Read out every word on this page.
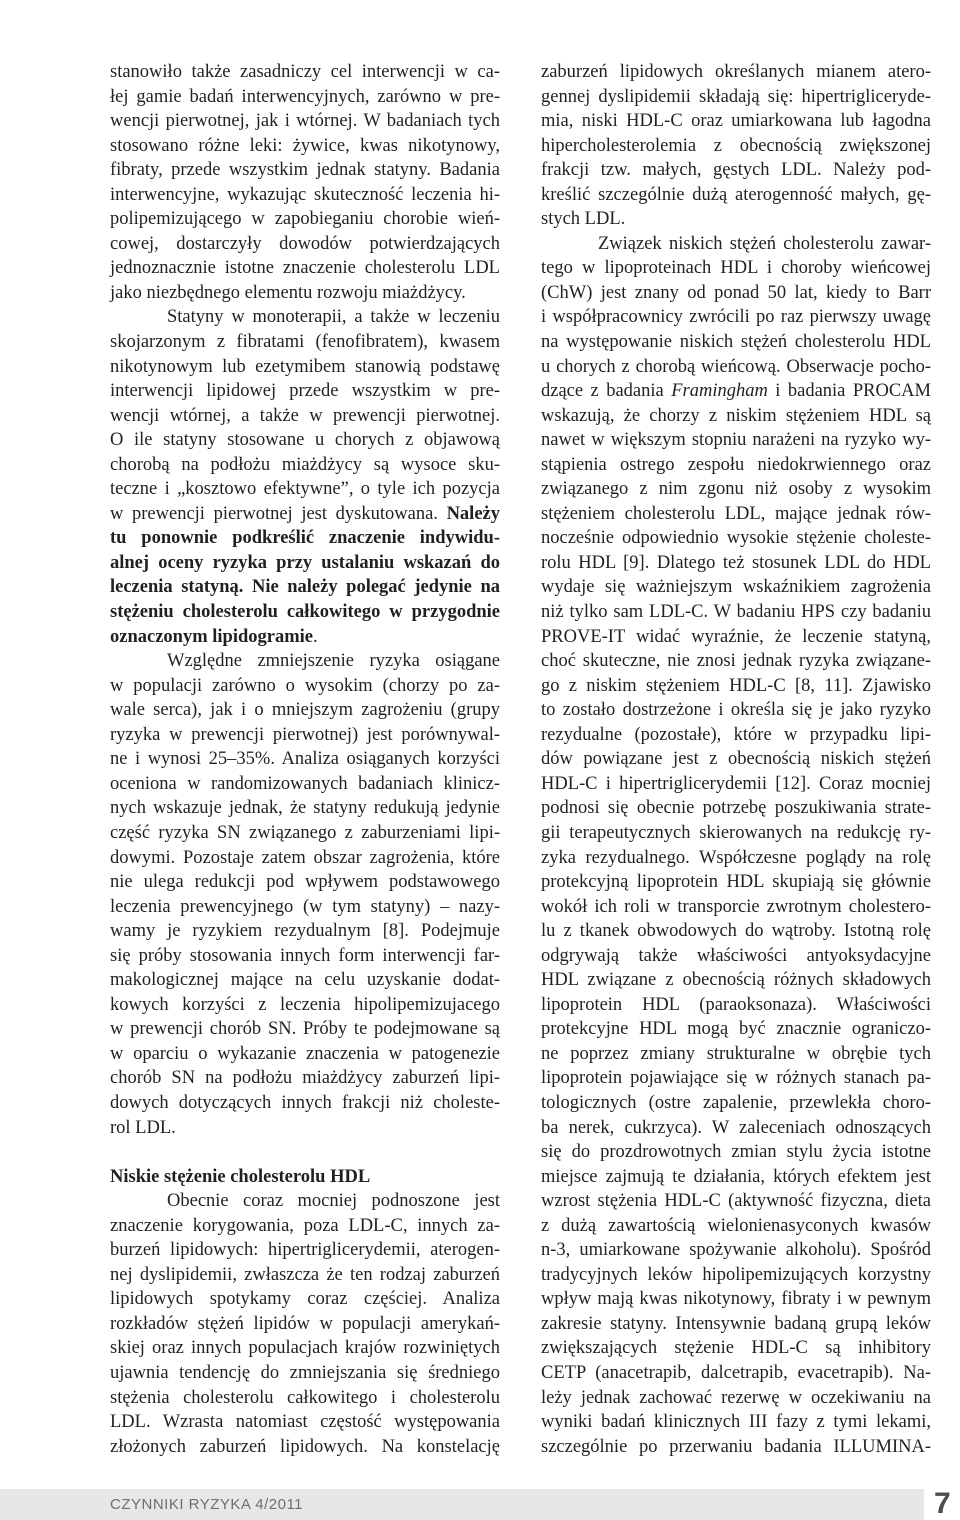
stanowiło także zasadniczy cel interwencji w ca-
łej gamie badań interwencyjnych, zarówno w pre-
wencji pierwotnej, jak i wtórnej. W badaniach tych
stosowano różne leki: żywice, kwas nikotynowy,
fibraty, przede wszystkim jednak statyny. Badania
interwencyjne, wykazując skuteczność leczenia hi-
polipemizującego w zapobieganiu chorobie wień-
cowej, dostarczyły dowodów potwierdzających
jednoznacznie istotne znaczenie cholesterolu LDL
jako niezbędnego elementu rozwoju miażdżycy.
Statyny w monoterapii, a także w leczeniu
skojarzonym z fibratami (fenofibratem), kwasem
nikotynowym lub ezetymibem stanowią podstawę
interwencji lipidowej przede wszystkim w pre-
wencji wtórnej, a także w prewencji pierwotnej.
O ile statyny stosowane u chorych z objawową
chorobą na podłożu miażdżycy są wysoce sku-
teczne i „kosztowo efektywne”, o tyle ich pozycja
w prewencji pierwotnej jest dyskutowana. Należy
tu ponownie podkreślić znaczenie indywidu-
alnej oceny ryzyka przy ustalaniu wskazań do
leczenia statyną. Nie należy polegać jedynie na
stężeniu cholesterolu całkowitego w przygodnie
oznaczonym lipidogramie.
Względne zmniejszenie ryzyka osiągane
w populacji zarówno o wysokim (chorzy po za-
wale serca), jak i o mniejszym zagrożeniu (grupy
ryzyka w prewencji pierwotnej) jest porównywal-
ne i wynosi 25–35%. Analiza osiąganych korzyści
oceniona w randomizowanych badaniach klinicz-
nych wskazuje jednak, że statyny redukują jedynie
część ryzyka SN związanego z zaburzeniami lipi-
dowymi. Pozostaje zatem obszar zagrożenia, które
nie ulega redukcji pod wpływem podstawowego
leczenia prewencyjnego (w tym statyny) – nazy-
wamy je ryzykiem rezydualnym [8]. Podejmuje
się próby stosowania innych form interwencji far-
makologicznej mające na celu uzyskanie dodat-
kowych korzyści z leczenia hipolipemizujacego
w prewencji chorób SN. Próby te podejmowane są
w oparciu o wykazanie znaczenia w patogenezie
chorób SN na podłożu miażdżycy zaburzeń lipi-
dowych dotyczących innych frakcji niż choleste-
rol LDL.
Niskie stężenie cholesterolu HDL
Obecnie coraz mocniej podnoszone jest
znaczenie korygowania, poza LDL-C, innych za-
burzeń lipidowych: hipertriglicerydemii, aterogen-
nej dyslipidemii, zwłaszcza że ten rodzaj zaburzeń
lipidowych spotykamy coraz częściej. Analiza
rozkładów stężeń lipidów w populacji amerykań-
skiej oraz innych populacjach krajów rozwiniętych
ujawnia tendencję do zmniejszania się średniego
stężenia cholesterolu całkowitego i cholesterolu
LDL. Wzrasta natomiast częstość występowania
złożonych zaburzeń lipidowych. Na konstelację
zaburzeń lipidowych określanych mianem atero-
gennej dyslipidemii składają się: hipertrigliceryde-
mia, niski HDL-C oraz umiarkowana lub łagodna
hipercholesterolemia z obecnością zwiększonej
frakcji tzw. małych, gęstych LDL. Należy pod-
kreślić szczególnie dużą aterogenność małych, gę-
stych LDL.
Związek niskich stężeń cholesterolu zawar-
tego w lipoproteinach HDL i choroby wieńcowej
(ChW) jest znany od ponad 50 lat, kiedy to Barr
i współpracownicy zwrócili po raz pierwszy uwagę
na występowanie niskich stężeń cholesterolu HDL
u chorych z chorobą wieńcową. Obserwacje pocho-
dzące z badania Framingham i badania PROCAM
wskazują, że chorzy z niskim stężeniem HDL są
nawet w większym stopniu narażeni na ryzyko wy-
stąpienia ostrego zespołu niedokrwiennego oraz
związanego z nim zgonu niż osoby z wysokim
stężeniem cholesterolu LDL, mające jednak rów-
nocześnie odpowiednio wysokie stężenie choleste-
rolu HDL [9]. Dlatego też stosunek LDL do HDL
wydaje się ważniejszym wskaźnikiem zagrożenia
niż tylko sam LDL-C. W badaniu HPS czy badaniu
PROVE-IT widać wyraźnie, że leczenie statyną,
choć skuteczne, nie znosi jednak ryzyka związane-
go z niskim stężeniem HDL-C [8, 11]. Zjawisko
to zostało dostrzeżone i określa się je jako ryzyko
rezydualne (pozostałe), które w przypadku lipi-
dów powiązane jest z obecnością niskich stężeń
HDL-C i hipertriglicerydemii [12]. Coraz mocniej
podnosi się obecnie potrzebę poszukiwania strate-
gii terapeutycznych skierowanych na redukcję ry-
zyka rezydualnego. Współczesne poglądy na rolę
protekcyjną lipoprotein HDL skupiają się głównie
wokół ich roli w transporcie zwrotnym cholestero-
lu z tkanek obwodowych do wątroby. Istotną rolę
odgrywają także właściwości antyoksydacyjne
HDL związane z obecnością różnych składowych
lipoprotein HDL (paraoksonaza). Właściwości
protekcyjne HDL mogą być znacznie ograniczo-
ne poprzez zmiany strukturalne w obrębie tych
lipoprotein pojawiające się w różnych stanach pa-
tologicznych (ostre zapalenie, przewlekła choro-
ba nerek, cukrzyca). W zaleceniach odnoszących
się do prozdrowotnych zmian stylu życia istotne
miejsce zajmują te działania, których efektem jest
wzrost stężenia HDL-C (aktywność fizyczna, dieta
z dużą zawartością wielonienasyconych kwasów
n-3, umiarkowane spożywanie alkoholu). Spośród
tradycyjnych leków hipolipemizujących korzystny
wpływ mają kwas nikotynowy, fibraty i w pewnym
zakresie statyny. Intensywnie badaną grupą leków
zwiększających stężenie HDL-C są inhibitory
CETP (anacetrapib, dalcetrapib, evacetrapib). Na-
leży jednak zachować rezerwę w oczekiwaniu na
wyniki badań klinicznych III fazy z tymi lekami,
szczególnie po przerwaniu badania ILLUMINA-
CZYNNIKI RYZYKA 4/2011	7
